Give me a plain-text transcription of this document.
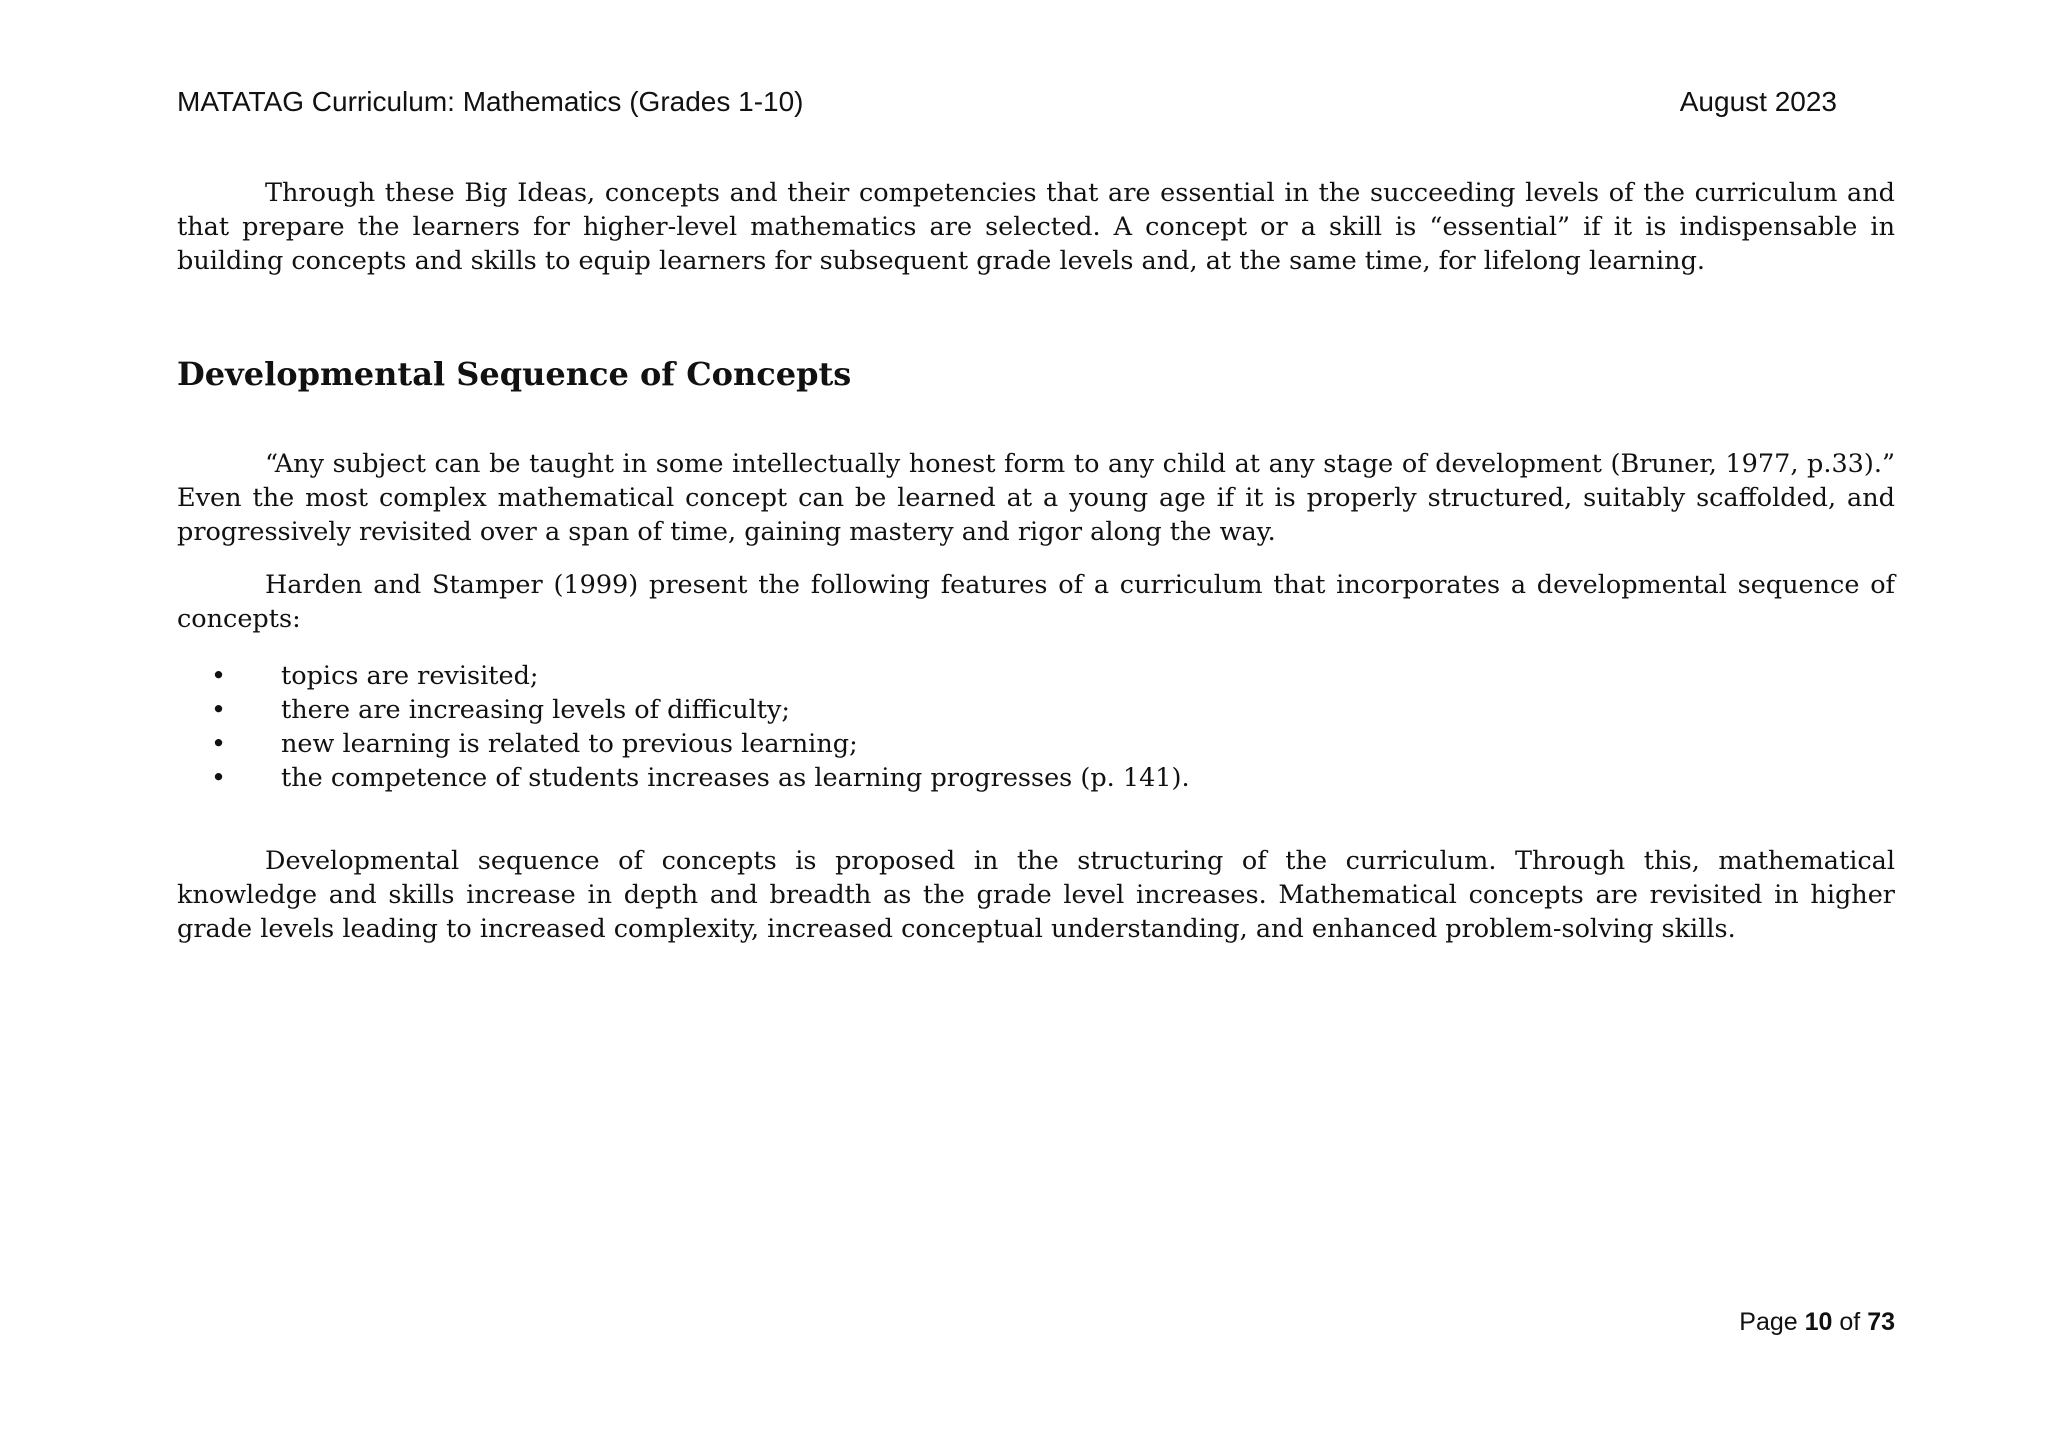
MATATAG Curriculum: Mathematics (Grades 1-10)	August 2023

Through these Big Ideas, concepts and their competencies that are essential in the succeeding levels of the curriculum and that prepare the learners for higher-level mathematics are selected. A concept or a skill is “essential” if it is indispensable in building concepts and skills to equip learners for subsequent grade levels and, at the same time, for lifelong learning.

Developmental Sequence of Concepts

“Any subject can be taught in some intellectually honest form to any child at any stage of development (Bruner, 1977, p.33).” Even the most complex mathematical concept can be learned at a young age if it is properly structured, suitably scaffolded, and progressively revisited over a span of time, gaining mastery and rigor along the way.

Harden and Stamper (1999) present the following features of a curriculum that incorporates a developmental sequence of concepts:

• topics are revisited;
• there are increasing levels of difficulty;
• new learning is related to previous learning;
• the competence of students increases as learning progresses (p. 141).

Developmental sequence of concepts is proposed in the structuring of the curriculum. Through this, mathematical knowledge and skills increase in depth and breadth as the grade level increases. Mathematical concepts are revisited in higher grade levels leading to increased complexity, increased conceptual understanding, and enhanced problem-solving skills.

Page 10 of 73
